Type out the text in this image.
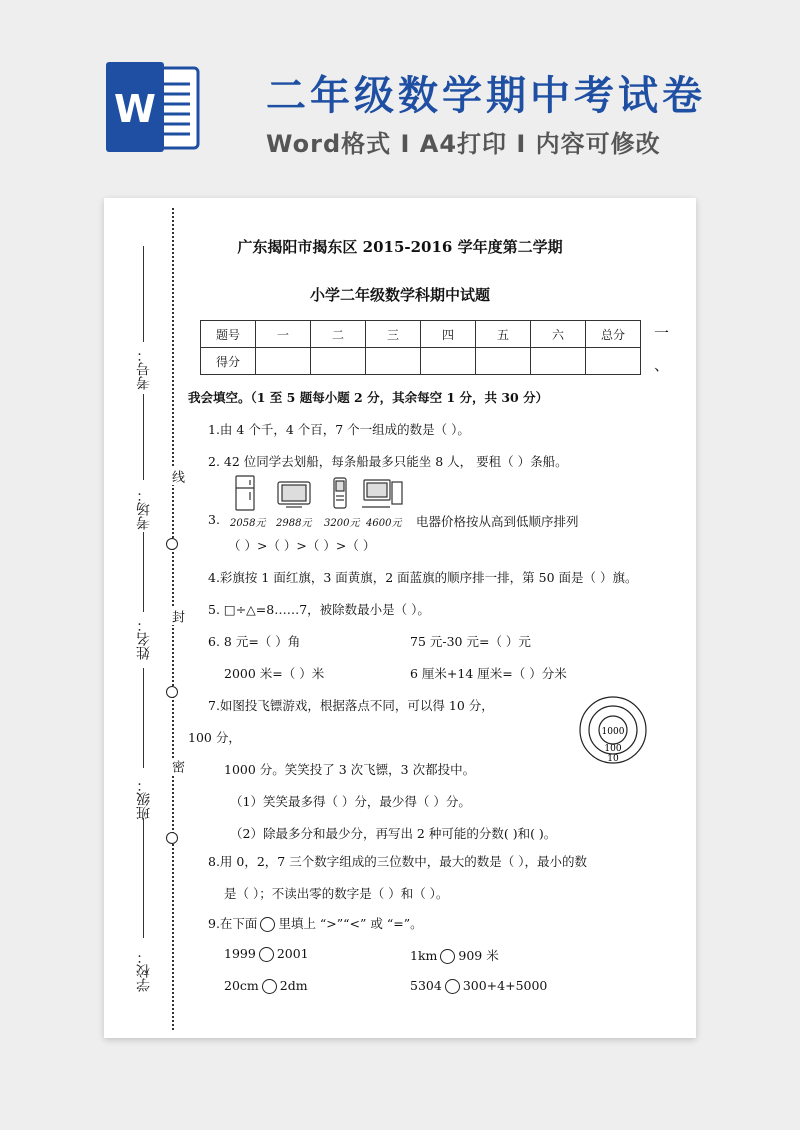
W	二年级数学期中考试卷
Word格式 Ⅰ A4打印 Ⅰ 内容可修改
线
封
密
考号：
考场：
姓名：
班级：
学校：
广东揭阳市揭东区 2015-2016 学年度第二学期
小学二年级数学科期中试题
题号	一	二	三	四	五	六	总分
得分							
一
、
我会填空。（1 至 5 题每小题 2 分，其余每空 1 分，共 30 分）
1.由 4 个千，4 个百，7 个一组成的数是（ ）。
2. 42 位同学去划船，每条船最多只能坐 8 人， 要租（ ）条船。
3. 2058元 2988元 3200元 4600元 电器价格按从高到低顺序排列
（ ）>（ ）>（ ）>（ ）
4.彩旗按 1 面红旗，3 面黄旗，2 面蓝旗的顺序排一排，第 50 面是（ ）旗。
5. □÷△=8……7，被除数最小是（ ）。
6. 8 元=（ ）角	75 元-30 元=（ ）元
2000 米=（ ）米	6 厘米+14 厘米=（ ）分米
7.如图投飞镖游戏，根据落点不同，可以得 10 分，
100 分，
1000 分。笑笑投了 3 次飞镖，3 次都投中。
（1）笑笑最多得（ ）分，最少得（ ）分。
（2）除最多分和最少分，再写出 2 种可能的分数( )和( )。
1000
100
10
8.用 0，2，7 三个数字组成的三位数中，最大的数是（ ），最小的数
是（ ）；不读出零的数字是（ ）和（ ）。
9.在下面 里填上 “>”“<” 或 “=”。
1999 2001	1km 909 米
20cm 2dm	5304 300+4+5000
